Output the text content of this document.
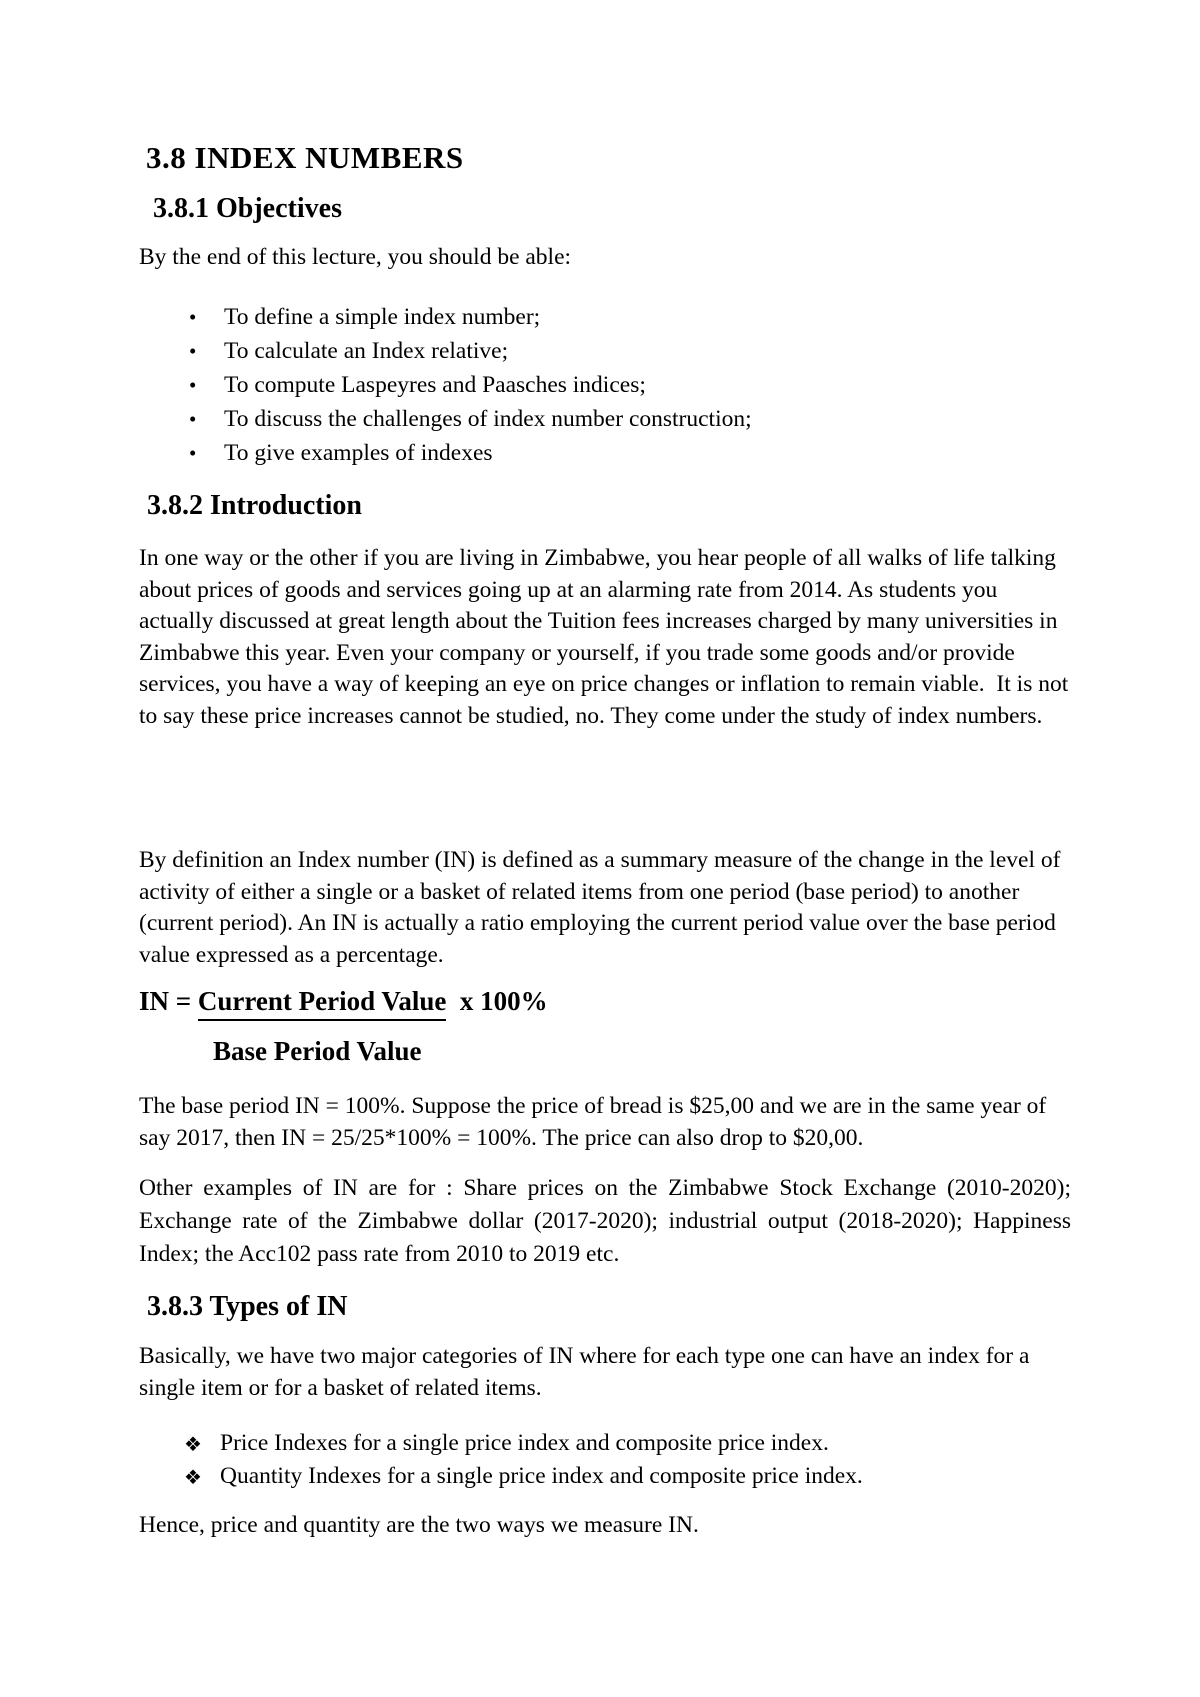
3.8 INDEX NUMBERS
3.8.1 Objectives
By the end of this lecture, you should be able:
• To define a simple index number;
• To calculate an Index relative;
• To compute Laspeyres and Paasches indices;
• To discuss the challenges of index number construction;
• To give examples of indexes
3.8.2 Introduction
In one way or the other if you are living in Zimbabwe, you hear people of all walks of life talking about prices of goods and services going up at an alarming rate from 2014. As students you actually discussed at great length about the Tuition fees increases charged by many universities in Zimbabwe this year. Even your company or yourself, if you trade some goods and/or provide services, you have a way of keeping an eye on price changes or inflation to remain viable.  It is not to say these price increases cannot be studied, no. They come under the study of index numbers.
By definition an Index number (IN) is defined as a summary measure of the change in the level of activity of either a single or a basket of related items from one period (base period) to another (current period). An IN is actually a ratio employing the current period value over the base period value expressed as a percentage.
IN = Current Period Value  x 100%
Base Period Value
The base period IN = 100%. Suppose the price of bread is $25,00 and we are in the same year of say 2017, then IN = 25/25*100% = 100%. The price can also drop to $20,00.
Other examples of IN are for : Share prices on the Zimbabwe Stock Exchange (2010-2020); Exchange rate of the Zimbabwe dollar (2017-2020); industrial output (2018-2020); Happiness Index; the Acc102 pass rate from 2010 to 2019 etc.
3.8.3 Types of IN
Basically, we have two major categories of IN where for each type one can have an index for a single item or for a basket of related items.
❖ Price Indexes for a single price index and composite price index.
❖ Quantity Indexes for a single price index and composite price index.
Hence, price and quantity are the two ways we measure IN.
